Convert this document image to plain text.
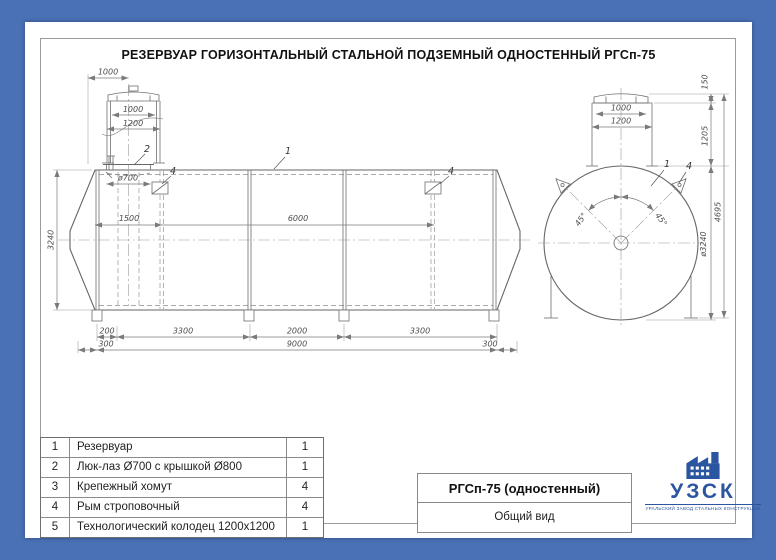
РЕЗЕРВУАР ГОРИЗОНТАЛЬНЫЙ СТАЛЬНОЙ ПОДЗЕМНЫЙ ОДНОСТЕННЫЙ РГСп-75
1000
1000
1200
ø700
3240
1500	6000
200	3300	2000	3300
300	9000	300
1
2
4	4
45°	45°
1000
1200
150
1205
ø3240
4695
1 4
1	Резервуар	1
2	Люк-лаз Ø700 с крышкой Ø800	1
3	Крепежный хомут	4
4	Рым строповочный	4
5	Технологический колодец 1200x1200	1
РГСп-75 (одностенный)
Общий вид
УЗСК
УРАЛЬСКИЙ ЗАВОД СТАЛЬНЫХ КОНСТРУКЦИЙ
